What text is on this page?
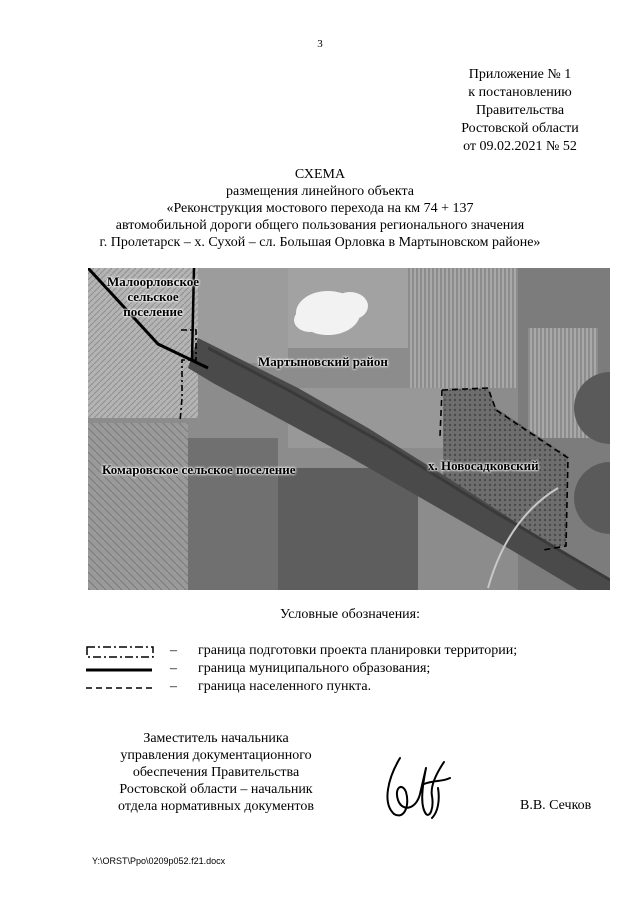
3
Приложение № 1
к постановлению
Правительства
Ростовской области
от 09.02.2021 № 52
СХЕМА
размещения линейного объекта
«Реконструкция мостового перехода на км 74 + 137
автомобильной дороги общего пользования регионального значения
г. Пролетарск – х. Сухой – сл. Большая Орловка в Мартыновском районе»
Малоорловское
сельское
поселение
Мартыновский район
Комаровское сельское поселение	х. Новосадковский
Условные обозначения:
– граница подготовки проекта планировки территории;
– граница муниципального образования;
– граница населенного пункта.
Заместитель начальника
управления документационного
обеспечения Правительства
Ростовской области – начальник
отдела нормативных документов	В.В. Сечков
Y:\ORST\Ppo\0209p052.f21.docx
